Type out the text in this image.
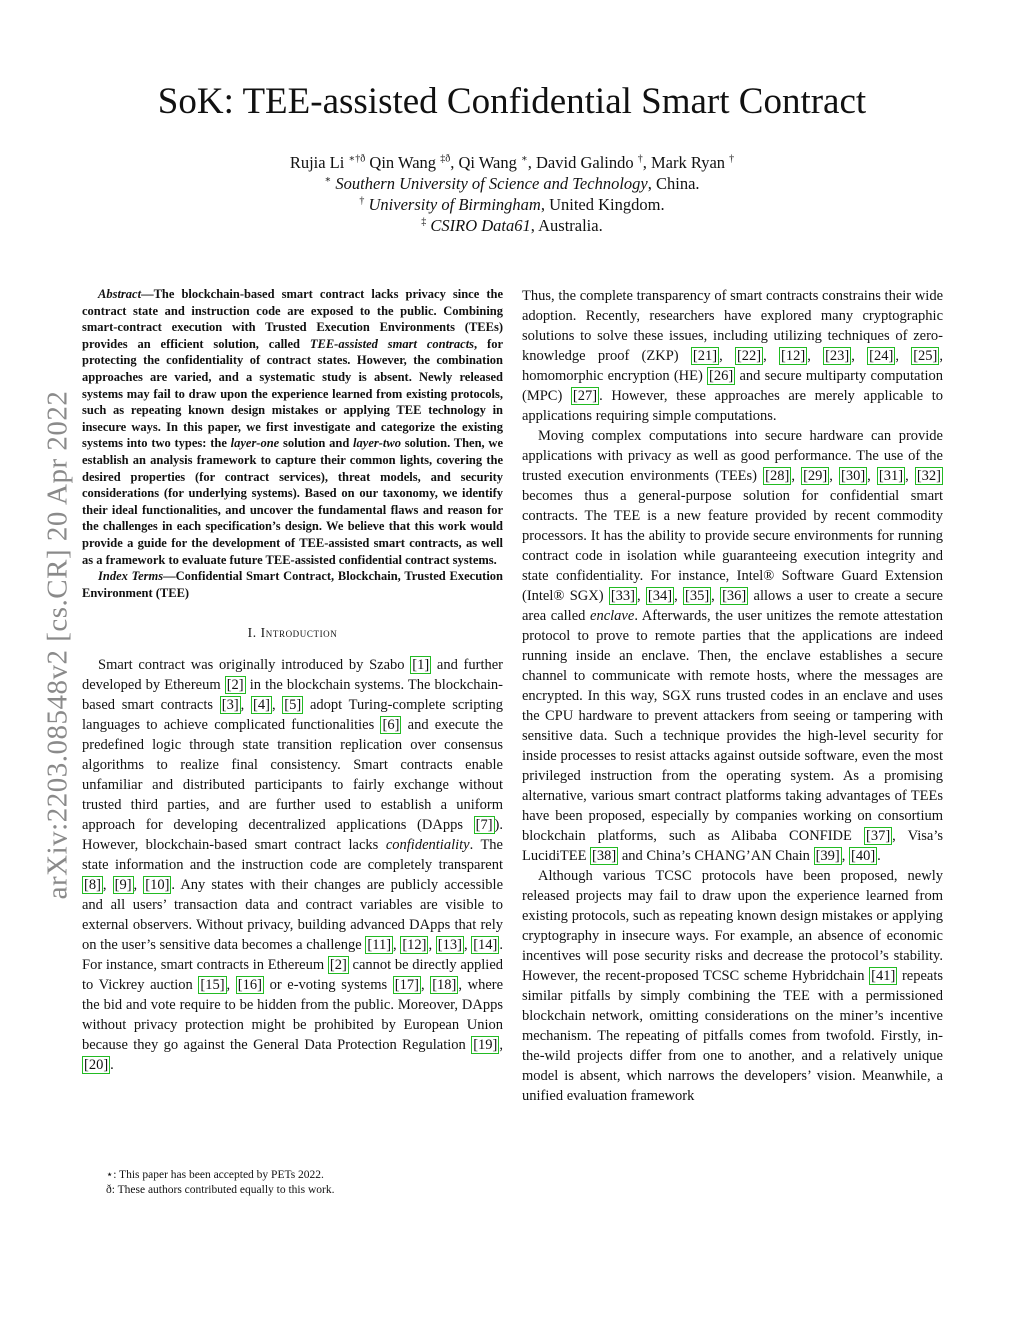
arXiv:2203.08548v2 [cs.CR] 20 Apr 2022
SoK: TEE-assisted Confidential Smart Contract
Rujia Li $^{∗\dagger ð}$ Qin Wang $^{\ddagger ð}$, Qi Wang ∗, David Galindo †, Mark Ryan †
∗ Southern University of Science and Technology, China.
† University of Birmingham, United Kingdom.
‡ CSIRO Data61, Australia.

Abstract—The blockchain-based smart contract lacks privacy since the contract state and instruction code are exposed to the public. Combining smart-contract execution with Trusted Execution Environments (TEEs) provides an efficient solution, called TEE-assisted smart contracts, for protecting the confidentiality of contract states. However, the combination approaches are varied, and a systematic study is absent. Newly released systems may fail to draw upon the experience learned from existing protocols, such as repeating known design mistakes or applying TEE technology in insecure ways. In this paper, we first investigate and categorize the existing systems into two types: the layer-one solution and layer-two solution. Then, we establish an analysis framework to capture their common lights, covering the desired properties (for contract services), threat models, and security considerations (for underlying systems). Based on our taxonomy, we identify their ideal functionalities, and uncover the fundamental flaws and reason for the challenges in each specification’s design. We believe that this work would provide a guide for the development of TEE-assisted smart contracts, as well as a framework to evaluate future TEE-assisted confidential contract systems.

Index Terms—Confidential Smart Contract, Blockchain, Trusted Execution Environment (TEE)

I. Introduction

Smart contract was originally introduced by Szabo [1] and further developed by Ethereum [2] in the blockchain systems. The blockchain-based smart contracts [3] , [4] , [5] adopt Turing-complete scripting languages to achieve complicated functionalities [6] and execute the predefined logic through state transition replication over consensus algorithms to realize final consistency. Smart contracts enable unfamiliar and distributed participants to fairly exchange without trusted third parties, and are further used to establish a uniform approach for developing decentralized applications (DApps [7] ). However, blockchain-based smart contract lacks confidentiality. The state information and the instruction code are completely transparent [8] , [9] , [10] . Any states with their changes are publicly accessible and all users’ transaction data and contract variables are visible to external observers. Without privacy, building advanced DApps that rely on the user’s sensitive data becomes a challenge [11] , [12] , [13] , [14] . For instance, smart contracts in Ethereum [2] cannot be directly applied to Vickrey auction [15] , [16] or e-voting systems [17] , [18] , where the bid and vote require to be hidden from the public. Moreover, DApps without privacy protection might be prohibited by European Union because they go against the General Data Protection Regulation [19] , [20] .

⋆: This paper has been accepted by PETs 2022.
ð: These authors contributed equally to this work.

Thus, the complete transparency of smart contracts constrains their wide adoption. Recently, researchers have explored many cryptographic solutions to solve these issues, including utilizing techniques of zero-knowledge proof (ZKP) [21] , [22] , [12] , [23] , [24] , [25] , homomorphic encryption (HE) [26] and secure multiparty computation (MPC) [27] . However, these approaches are merely applicable to applications requiring simple computations.

Moving complex computations into secure hardware can provide applications with privacy as well as good performance. The use of the trusted execution environments (TEEs) [28] , [29] , [30] , [31] , [32] becomes thus a general-purpose solution for confidential smart contracts. The TEE is a new feature provided by recent commodity processors. It has the ability to provide secure environments for running contract code in isolation while guaranteeing execution integrity and state confidentiality. For instance, Intel® Software Guard Extension (Intel® SGX) [33] , [34] , [35] , [36] allows a user to create a secure area called enclave. Afterwards, the user unitizes the remote attestation protocol to prove to remote parties that the applications are indeed running inside an enclave. Then, the enclave establishes a secure channel to communicate with remote hosts, where the messages are encrypted. In this way, SGX runs trusted codes in an enclave and uses the CPU hardware to prevent attackers from seeing or tampering with sensitive data. Such a technique provides the high-level security for inside processes to resist attacks against outside software, even the most privileged instruction from the operating system. As a promising alternative, various smart contract platforms taking advantages of TEEs have been proposed, especially by companies working on consortium blockchain platforms, such as Alibaba CONFIDE [37] , Visa’s LucidiTEE [38] and China’s CHANG’AN Chain [39] , [40] .

Although various TCSC protocols have been proposed, newly released projects may fail to draw upon the experience learned from existing protocols, such as repeating known design mistakes or applying cryptography in insecure ways. For example, an absence of economic incentives will pose security risks and decrease the protocol’s stability. However, the recent-proposed TCSC scheme Hybridchain [41] repeats similar pitfalls by simply combining the TEE with a permissioned blockchain network, omitting considerations on the miner’s incentive mechanism. The repeating of pitfalls comes from twofold. Firstly, in-the-wild projects differ from one to another, and a relatively unique model is absent, which narrows the developers’ vision. Meanwhile, a unified evaluation framework
